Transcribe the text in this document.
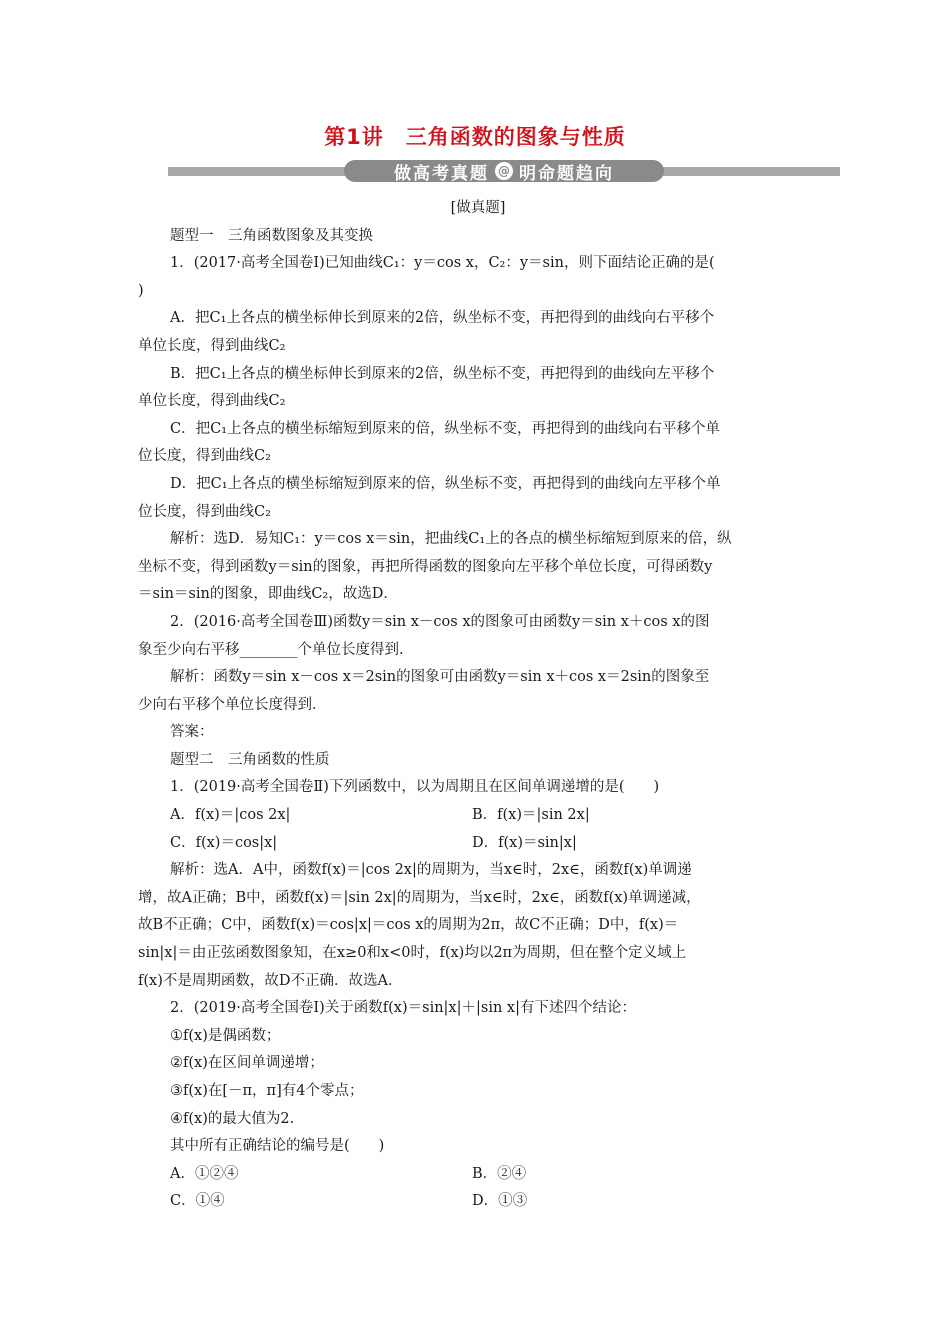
第1讲　三角函数的图象与性质
做高考真题 @ 明命题趋向
[做真题]
题型一　三角函数图象及其变换
1．(2017·高考全国卷Ⅰ)已知曲线C₁：y＝cos x，C₂：y＝sin，则下面结论正确的是(
)
A．把C₁上各点的横坐标伸长到原来的2倍，纵坐标不变，再把得到的曲线向右平移个
单位长度，得到曲线C₂
B．把C₁上各点的横坐标伸长到原来的2倍，纵坐标不变，再把得到的曲线向左平移个
单位长度，得到曲线C₂
C．把C₁上各点的横坐标缩短到原来的倍，纵坐标不变，再把得到的曲线向右平移个单
位长度，得到曲线C₂
D．把C₁上各点的横坐标缩短到原来的倍，纵坐标不变，再把得到的曲线向左平移个单
位长度，得到曲线C₂
解析：选D．易知C₁：y＝cos x＝sin，把曲线C₁上的各点的横坐标缩短到原来的倍，纵
坐标不变，得到函数y＝sin的图象，再把所得函数的图象向左平移个单位长度，可得函数y
＝sin＝sin的图象，即曲线C₂，故选D．
2．(2016·高考全国卷Ⅲ)函数y＝sin x－cos x的图象可由函数y＝sin x＋cos x的图
象至少向右平移________个单位长度得到．
解析：函数y＝sin x－cos x＝2sin的图象可由函数y＝sin x＋cos x＝2sin的图象至
少向右平移个单位长度得到．
答案：
题型二　三角函数的性质
1．(2019·高考全国卷Ⅱ)下列函数中，以为周期且在区间单调递增的是(　　)
A．f(x)＝|cos 2x|	B．f(x)＝|sin 2x|
C．f(x)＝cos|x|	D．f(x)＝sin|x|
解析：选A．A中，函数f(x)＝|cos 2x|的周期为，当x∈时，2x∈，函数f(x)单调递
增，故A正确；B中，函数f(x)＝|sin 2x|的周期为，当x∈时，2x∈，函数f(x)单调递减，
故B不正确；C中，函数f(x)＝cos|x|＝cos x的周期为2π，故C不正确；D中，f(x)＝
sin|x|＝由正弦函数图象知，在x≥0和x<0时，f(x)均以2π为周期，但在整个定义域上
f(x)不是周期函数，故D不正确．故选A．
2．(2019·高考全国卷Ⅰ)关于函数f(x)＝sin|x|＋|sin x|有下述四个结论：
①f(x)是偶函数；
②f(x)在区间单调递增；
③f(x)在[－π，π]有4个零点；
④f(x)的最大值为2.
其中所有正确结论的编号是(　　)
A．①②④	B．②④
C．①④	D．①③
